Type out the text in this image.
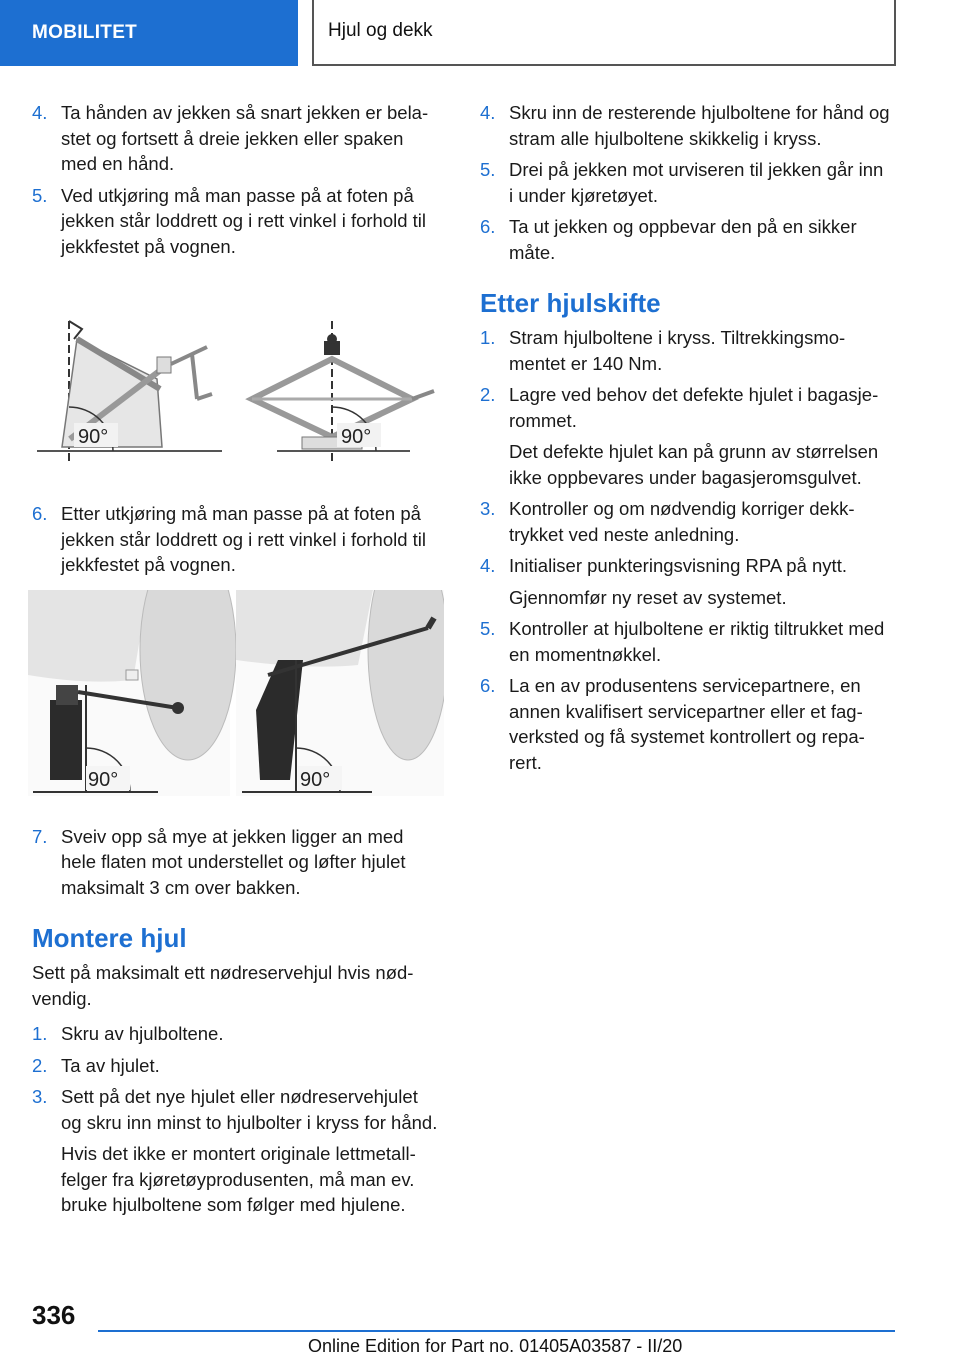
MOBILITET	Hjul og dekk
4. Ta hånden av jekken så snart jekken er belastet og fortsett å dreie jekken eller spaken med en hånd.
5. Ved utkjøring må man passe på at foten på jekken står loddrett og i rett vinkel i forhold til jekkfestet på vognen.
90°	90°
6. Etter utkjøring må man passe på at foten på jekken står loddrett og i rett vinkel i forhold til jekkfestet på vognen.
90°	90°
7. Sveiv opp så mye at jekken ligger an med hele flaten mot understellet og løfter hjulet maksimalt 3 cm over bakken.
Montere hjul
Sett på maksimalt ett nødreservehjul hvis nødvendig.
1. Skru av hjulboltene.
2. Ta av hjulet.
3. Sett på det nye hjulet eller nødreservehjulet og skru inn minst to hjulbolter i kryss for hånd.
Hvis det ikke er montert originale lettmetallfelger fra kjøretøyprodusenten, må man ev. bruke hjulboltene som følger med hjulene.
4. Skru inn de resterende hjulboltene for hånd og stram alle hjulboltene skikkelig i kryss.
5. Drei på jekken mot urviseren til jekken går inn i under kjøretøyet.
6. Ta ut jekken og oppbevar den på en sikker måte.
Etter hjulskifte
1. Stram hjulboltene i kryss. Tiltrekkingsmomentet er 140 Nm.
2. Lagre ved behov det defekte hjulet i bagasjerommet.
Det defekte hjulet kan på grunn av størrelsen ikke oppbevares under bagasjeromsgulvet.
3. Kontroller og om nødvendig korriger dekktrykket ved neste anledning.
4. Initialiser punkteringsvisning RPA på nytt.
Gjennomfør ny reset av systemet.
5. Kontroller at hjulboltene er riktig tiltrukket med en momentnøkkel.
6. La en av produsentens servicepartnere, en annen kvalifisert servicepartner eller et fagverksted og få systemet kontrollert og reparert.
336
Online Edition for Part no. 01405A03587 - II/20
